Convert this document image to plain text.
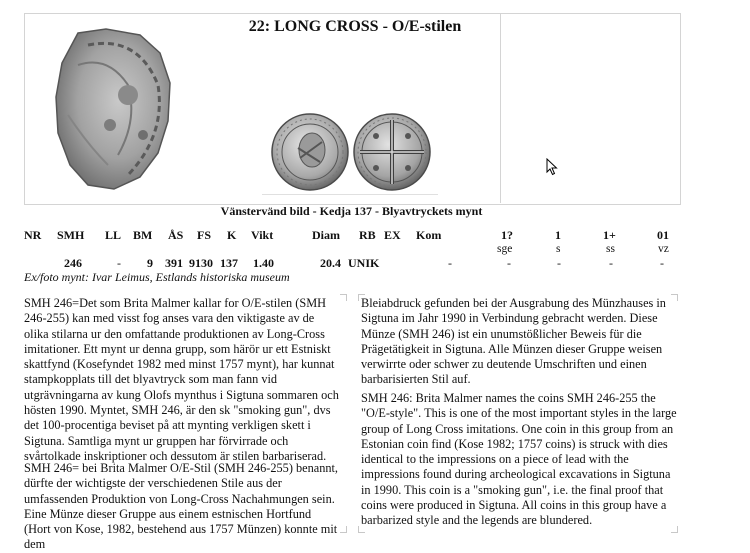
22: LONG CROSS - O/E-stilen
Vänstervänd bild - Kedja 137 - Blyavtryckets mynt
NR SMH LL BM ÅS FS K Vikt	Diam RB EX Kom	1?	1	1+	01
sge	s	ss	vz
246	- 9 391 9130 137 1.40	20.4 UNIK	-	-	-	-	-
Ex/foto mynt: Ivar Leimus, Estlands historiska museum

SMH 246=Det som Brita Malmer kallar for O/E-stilen (SMH 246-255) kan med visst fog anses vara den viktigaste av de olika stilarna ur den omfattande produktionen av Long-Cross imitationer. Ett mynt ur denna grupp, som härör ur ett Estniskt skattfynd (Kosefyndet 1982 med minst 1757 mynt), har kunnat stampkopplats till det blyavtryck som man fann vid utgrävningarna av kung Olofs mynthus i Sigtuna sommaren och hösten 1990. Myntet, SMH 246, är den sk "smoking gun", dvs det 100-procentiga beviset på att mynting verkligen skett i Sigtuna. Samtliga mynt ur gruppen har förvirrade och svårtolkade inskriptioner och dessutom är stilen barbariserad.

SMH 246= bei Brita Malmer O/E-Stil (SMH 246-255) benannt, dürfte der wichtigste der verschiedenen Stile aus der umfassenden Produktion von Long-Cross Nachahmungen sein. Eine Münze dieser Gruppe aus einem estnischen Hortfund (Hort von Kose, 1982, bestehend aus 1757 Münzen) konnte mit dem

Bleiabdruck gefunden bei der Ausgrabung des Münzhauses in Sigtuna im Jahr 1990 in Verbindung gebracht werden. Diese Münze (SMH 246) ist ein unumstößlicher Beweis für die Prägetätigkeit in Sigtuna. Alle Münzen dieser Gruppe weisen verwirrte oder schwer zu deutende Umschriften und einen barbarisierten Stil auf.

SMH 246: Brita Malmer names the coins SMH 246-255 the "O/E-style". This is one of the most important styles in the large group of Long Cross imitations. One coin in this group from an Estonian coin find (Kose 1982; 1757 coins) is struck with dies identical to the impressions on a piece of lead with the impressions found during archeological excavations in Sigtuna in 1990. This coin is a "smoking gun", i.e. the final proof that coins were produced in Sigtuna. All coins in this group have a barbarized style and the legends are blundered.
